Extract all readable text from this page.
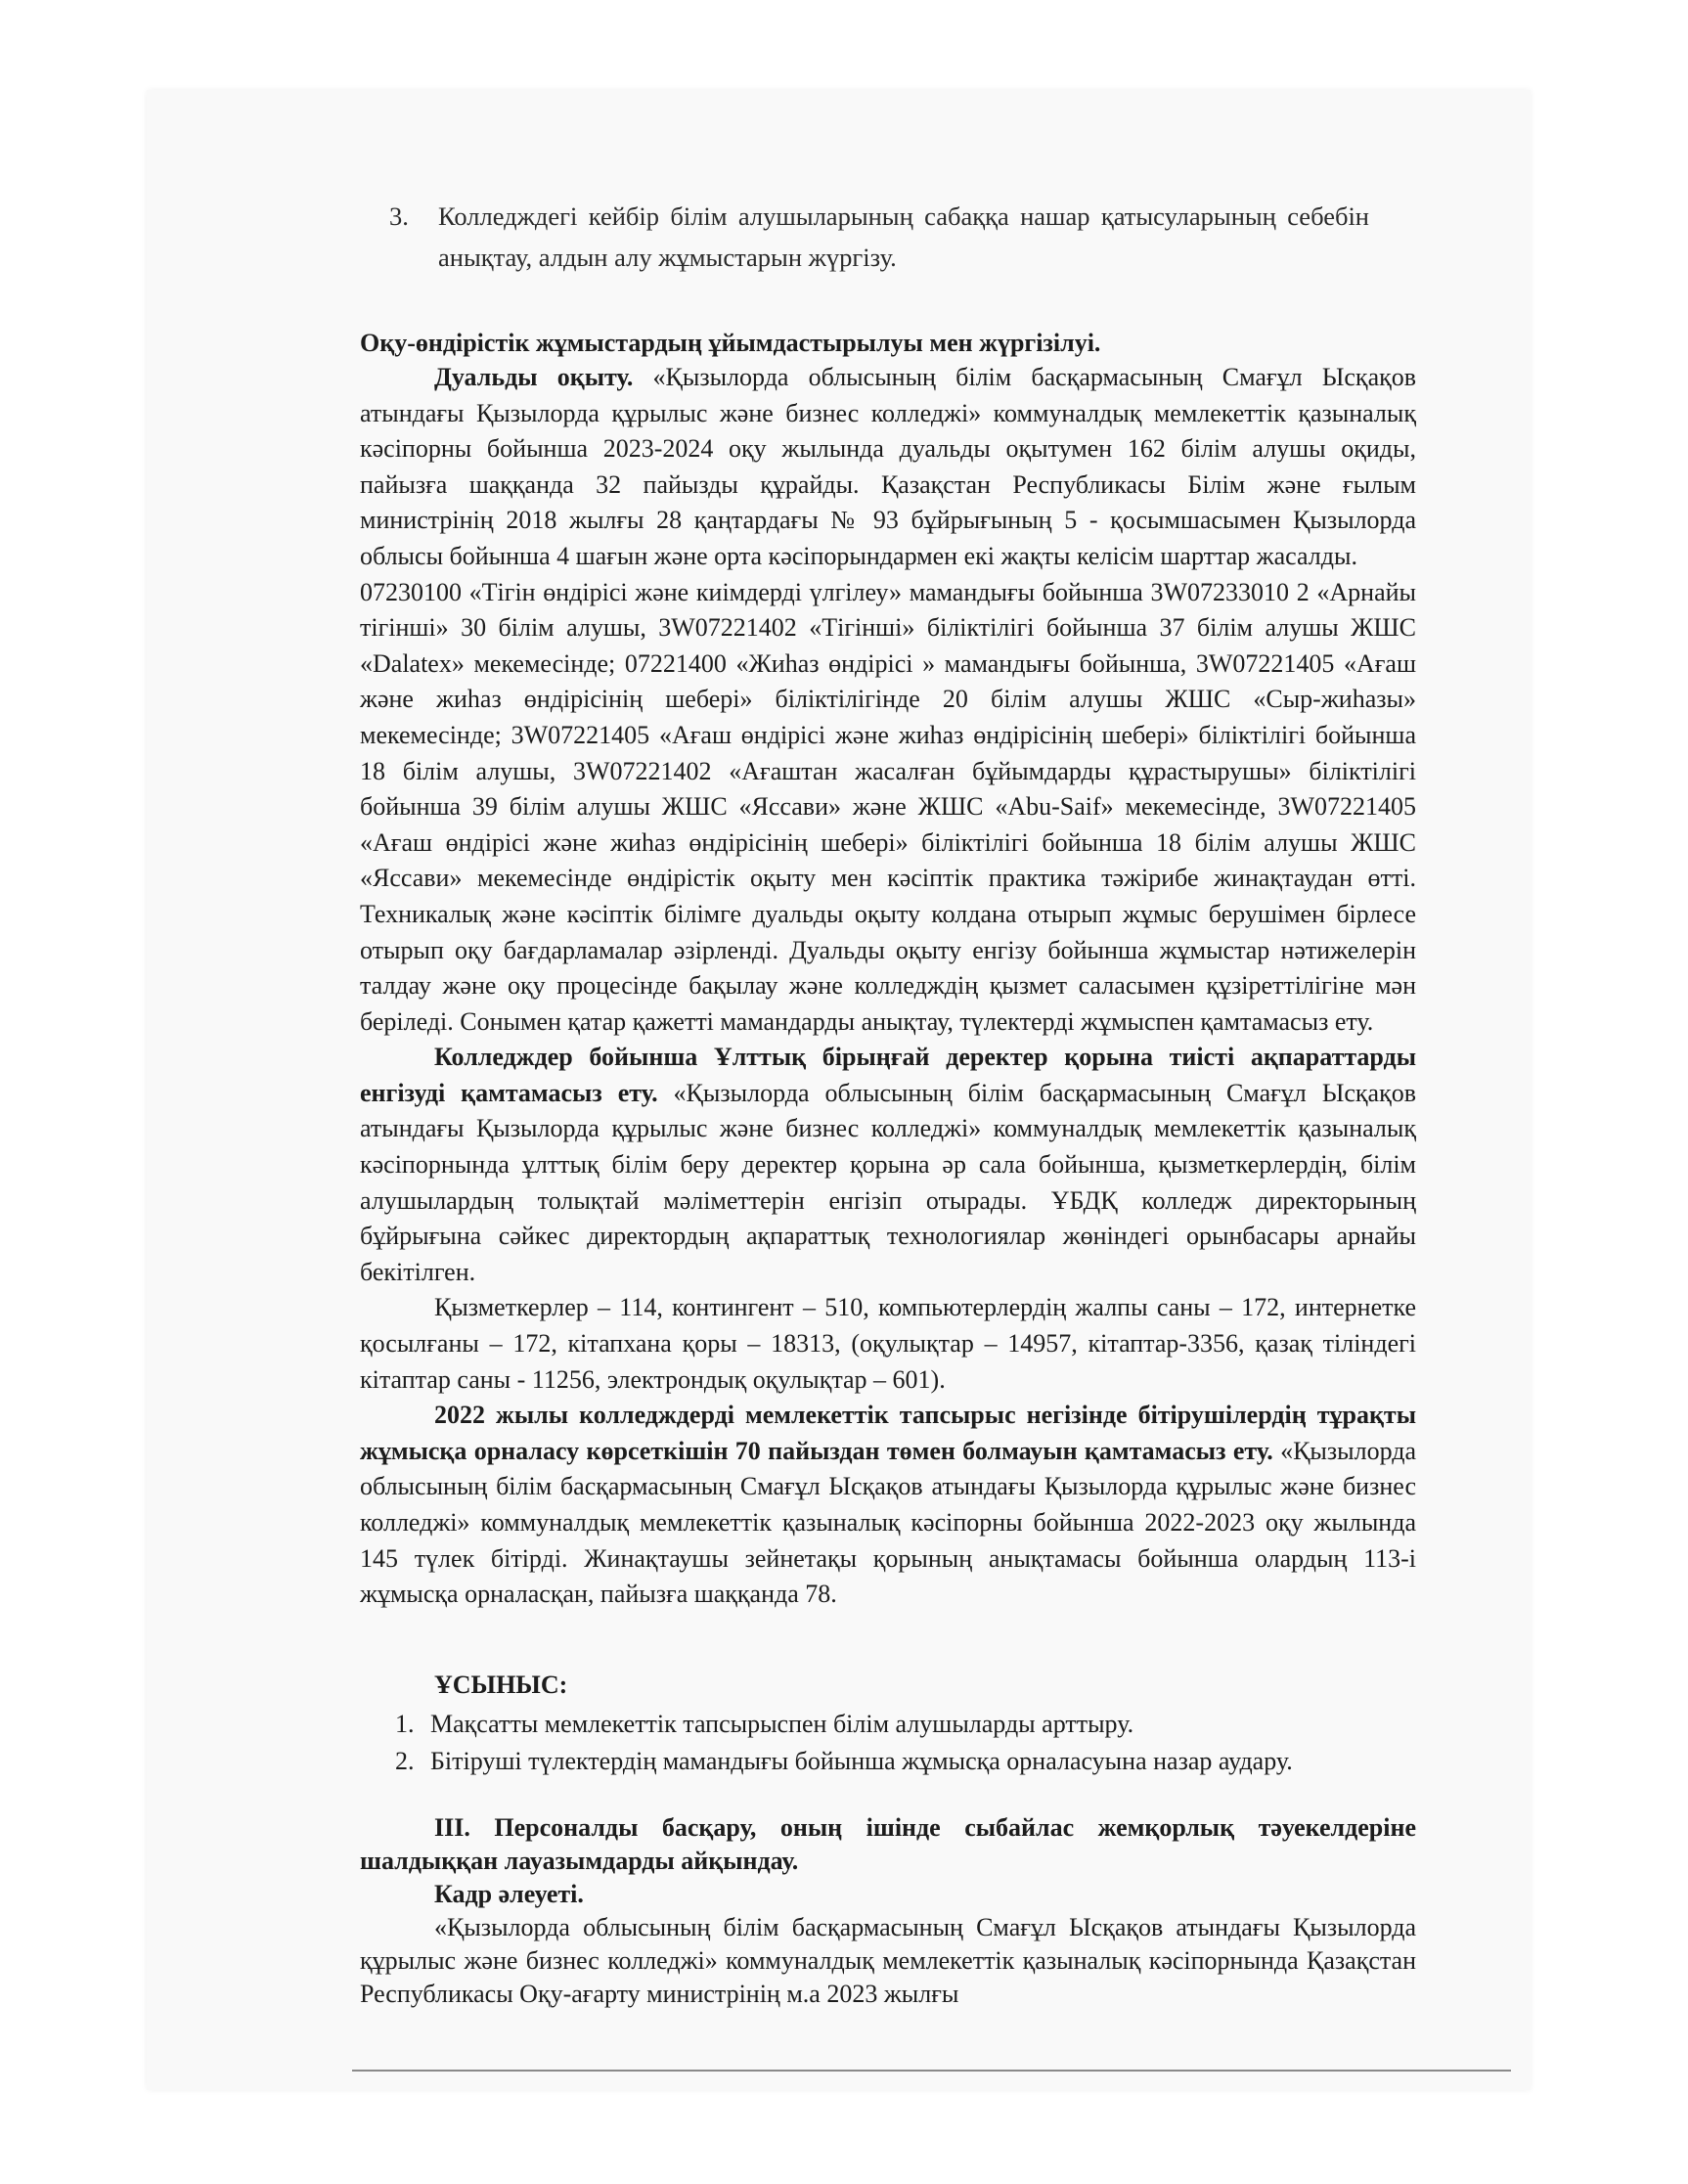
3. Колледждегі кейбір білім алушыларының сабаққа нашар қатысуларының себебін анықтау, алдын алу жұмыстарын жүргізу.

Оқу-өндірістік жұмыстардың ұйымдастырылуы мен жүргізілуі.

Дуальды оқыту. «Қызылорда облысының білім басқармасының Смағұл Ысқақов атындағы Қызылорда құрылыс және бизнес колледжі» коммуналдық мемлекеттік қазыналық кәсіпорны бойынша 2023-2024 оқу жылында дуальды оқытумен 162 білім алушы оқиды, пайызға шаққанда 32 пайызды құрайды. Қазақстан Республикасы Білім және ғылым министрінің 2018 жылғы 28 қаңтардағы № 93 бұйрығының 5 - қосымшасымен Қызылорда облысы бойынша 4 шағын және орта кәсіпорындармен екі жақты келісім шарттар жасалды.

07230100 «Тігін өндірісі және киімдерді үлгілеу» мамандығы бойынша 3W07233010 2 «Арнайы тігінші» 30 білім алушы, 3W07221402 «Тігінші» біліктілігі бойынша 37 білім алушы ЖШС «Dalatex» мекемесінде; 07221400 «Жиһаз өндірісі » мамандығы бойынша, 3W07221405 «Ағаш және жиһаз өндірісінің шебері» біліктілігінде 20 білім алушы ЖШС «Сыр-жиһазы» мекемесінде; 3W07221405 «Ағаш өндірісі және жиһаз өндірісінің шебері» біліктілігі бойынша 18 білім алушы, 3W07221402 «Ағаштан жасалған бұйымдарды құрастырушы» біліктілігі бойынша 39 білім алушы ЖШС «Яссави» және ЖШС «Abu-Saif» мекемесінде, 3W07221405 «Ағаш өндірісі және жиһаз өндірісінің шебері» біліктілігі бойынша 18 білім алушы ЖШС «Яссави» мекемесінде өндірістік оқыту мен кәсіптік практика тәжірибе жинақтаудан өтті. Техникалық және кәсіптік білімге дуальды оқыту колдана отырып жұмыс берушімен бірлесе отырып оқу бағдарламалар әзірленді. Дуальды оқыту енгізу бойынша жұмыстар нәтижелерін талдау және оқу процесінде бақылау және колледждің қызмет саласымен құзіреттілігіне мән беріледі. Сонымен қатар қажетті мамандарды анықтау, түлектерді жұмыспен қамтамасыз ету.

Колледждер бойынша Ұлттық бірыңғай деректер қорына тиісті ақпараттарды енгізуді қамтамасыз ету. «Қызылорда облысының білім басқармасының Смағұл Ысқақов атындағы Қызылорда құрылыс және бизнес колледжі» коммуналдық мемлекеттік қазыналық кәсіпорнында ұлттық білім беру деректер қорына әр сала бойынша, қызметкерлердің, білім алушылардың толықтай мәліметтерін енгізіп отырады. ҰБДҚ колледж директорының бұйрығына сәйкес директордың ақпараттық технологиялар жөніндегі орынбасары арнайы бекітілген.

Қызметкерлер – 114, контингент – 510, компьютерлердің жалпы саны – 172, интернетке қосылғаны – 172, кітапхана қоры – 18313, (оқулықтар – 14957, кітаптар-3356, қазақ тіліндегі кітаптар саны - 11256, электрондық оқулықтар – 601).

2022 жылы колледждерді мемлекеттік тапсырыс негізінде бітірушілердің тұрақты жұмысқа орналасу көрсеткішін 70 пайыздан төмен болмауын қамтамасыз ету. «Қызылорда облысының білім басқармасының Смағұл Ысқақов атындағы Қызылорда құрылыс және бизнес колледжі» коммуналдық мемлекеттік қазыналық кәсіпорны бойынша 2022-2023 оқу жылында 145 түлек бітірді. Жинақтаушы зейнетақы қорының анықтамасы бойынша олардың 113-і жұмысқа орналасқан, пайызға шаққанда 78.

ҰСЫНЫС:
1. Мақсатты мемлекеттік тапсырыспен білім алушыларды арттыру.
2. Бітіруші түлектердің мамандығы бойынша жұмысқа орналасуына назар аудару.

III. Персоналды басқару, оның ішінде сыбайлас жемқорлық тәуекелдеріне шалдыққан лауазымдарды айқындау.

Кадр әлеуеті.

«Қызылорда облысының білім басқармасының Смағұл Ысқақов атындағы Қызылорда құрылыс және бизнес колледжі» коммуналдық мемлекеттік қазыналық кәсіпорнында Қазақстан Республикасы Оқу-ағарту министрінің м.а 2023 жылғы
